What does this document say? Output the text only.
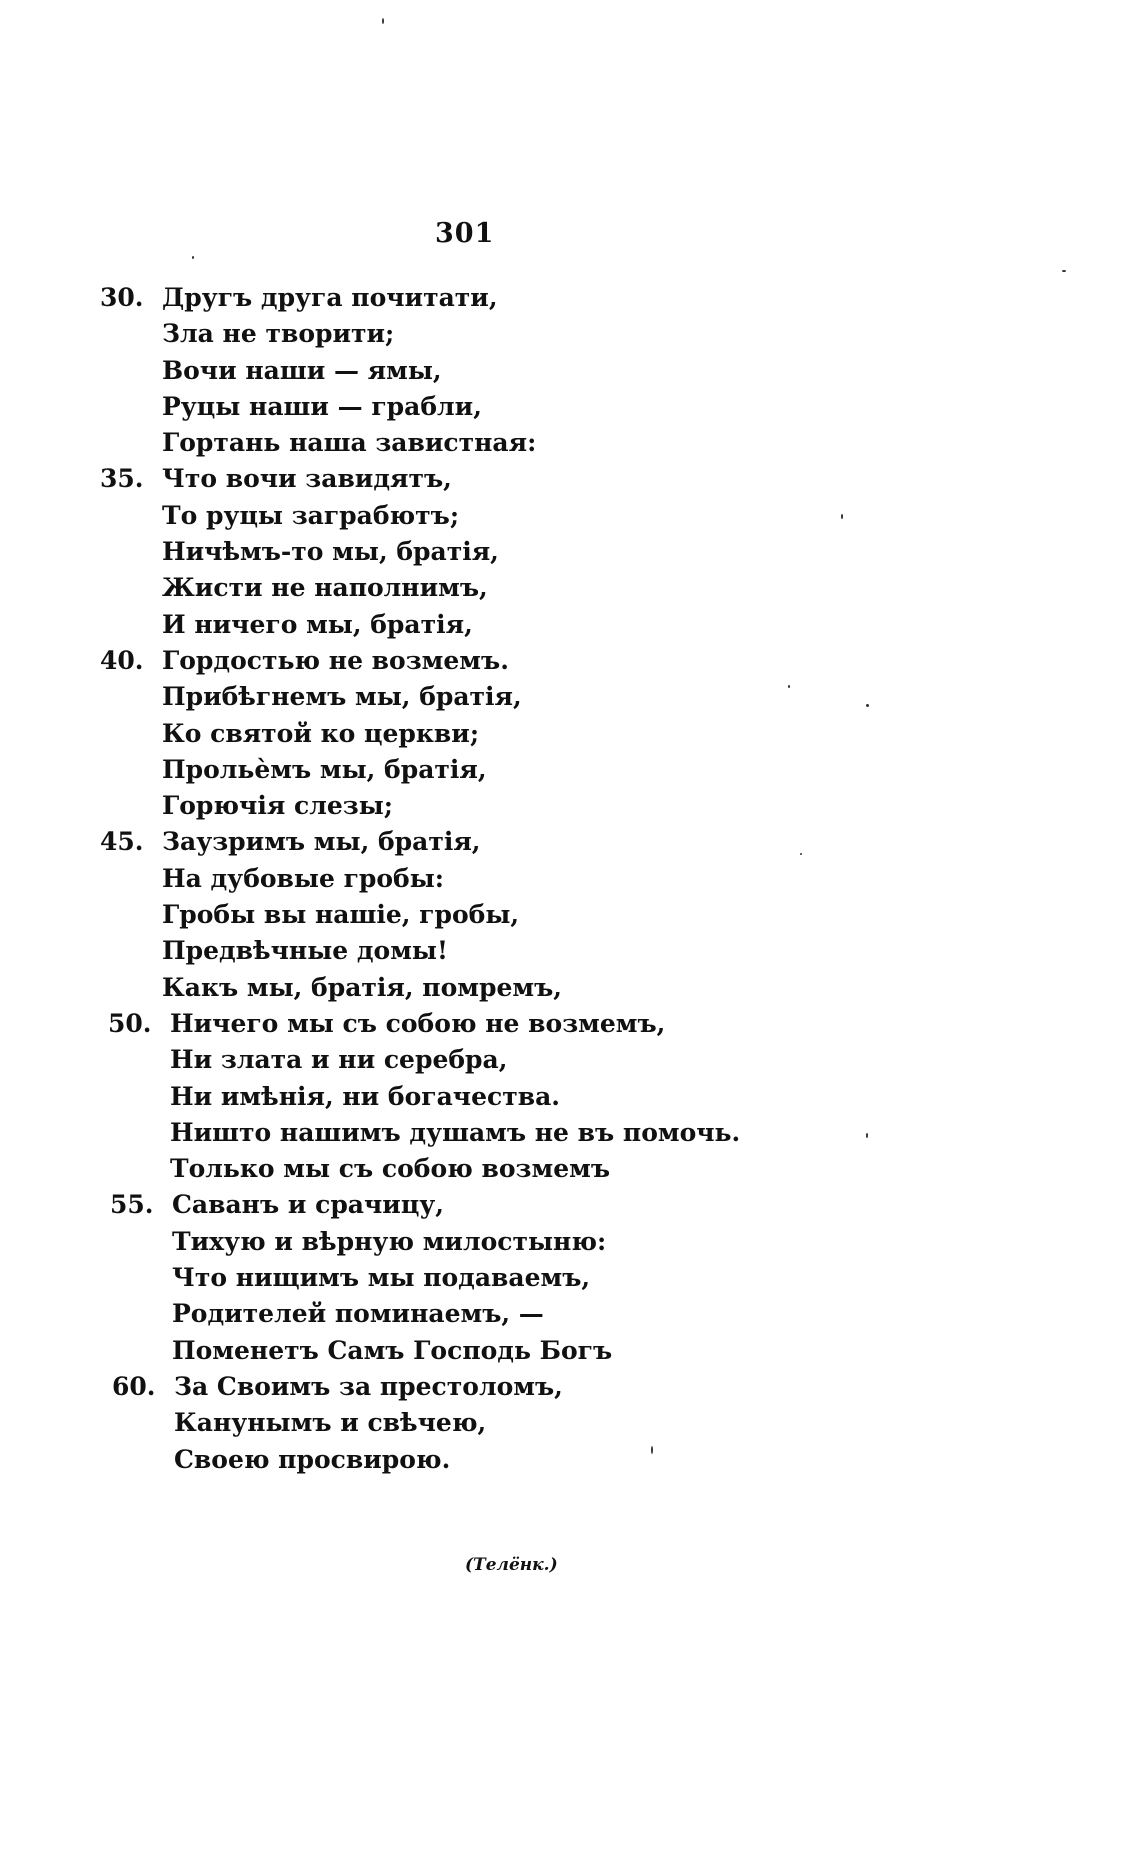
301
30. Другъ друга почитати,
Зла не творити;
Вочи наши — ямы,
Руцы наши — грабли,
Гортань наша завистная:
35. Что вочи завидятъ,
То руцы заграбютъ;
Ничѣмъ-то мы, братія,
Жисти не наполнимъ,
И ничего мы, братія,
40. Гордостью не возмемъ.
Прибѣгнемъ мы, братія,
Ко святой ко церкви;
Прольѐмъ мы, братія,
Горючія слезы;
45. Заузримъ мы, братія,
На дубовые гробы:
Гробы вы нашіе, гробы,
Предвѣчные домы!
Какъ мы, братія, помремъ,
50. Ничего мы съ собою не возмемъ,
Ни злата и ни серебра,
Ни имѣнія, ни богачества.
Ништо нашимъ душамъ не въ помочь.
Только мы съ собою возмемъ
55. Саванъ и срачицу,
Тихую и вѣрную милостыню:
Что нищимъ мы подаваемъ,
Родителей поминаемъ, —
Поменетъ Самъ Господь Богъ
60. За Своимъ за престоломъ,
Канунымъ и свѣчею,
Своею просвирою.
(Телёнк.)
